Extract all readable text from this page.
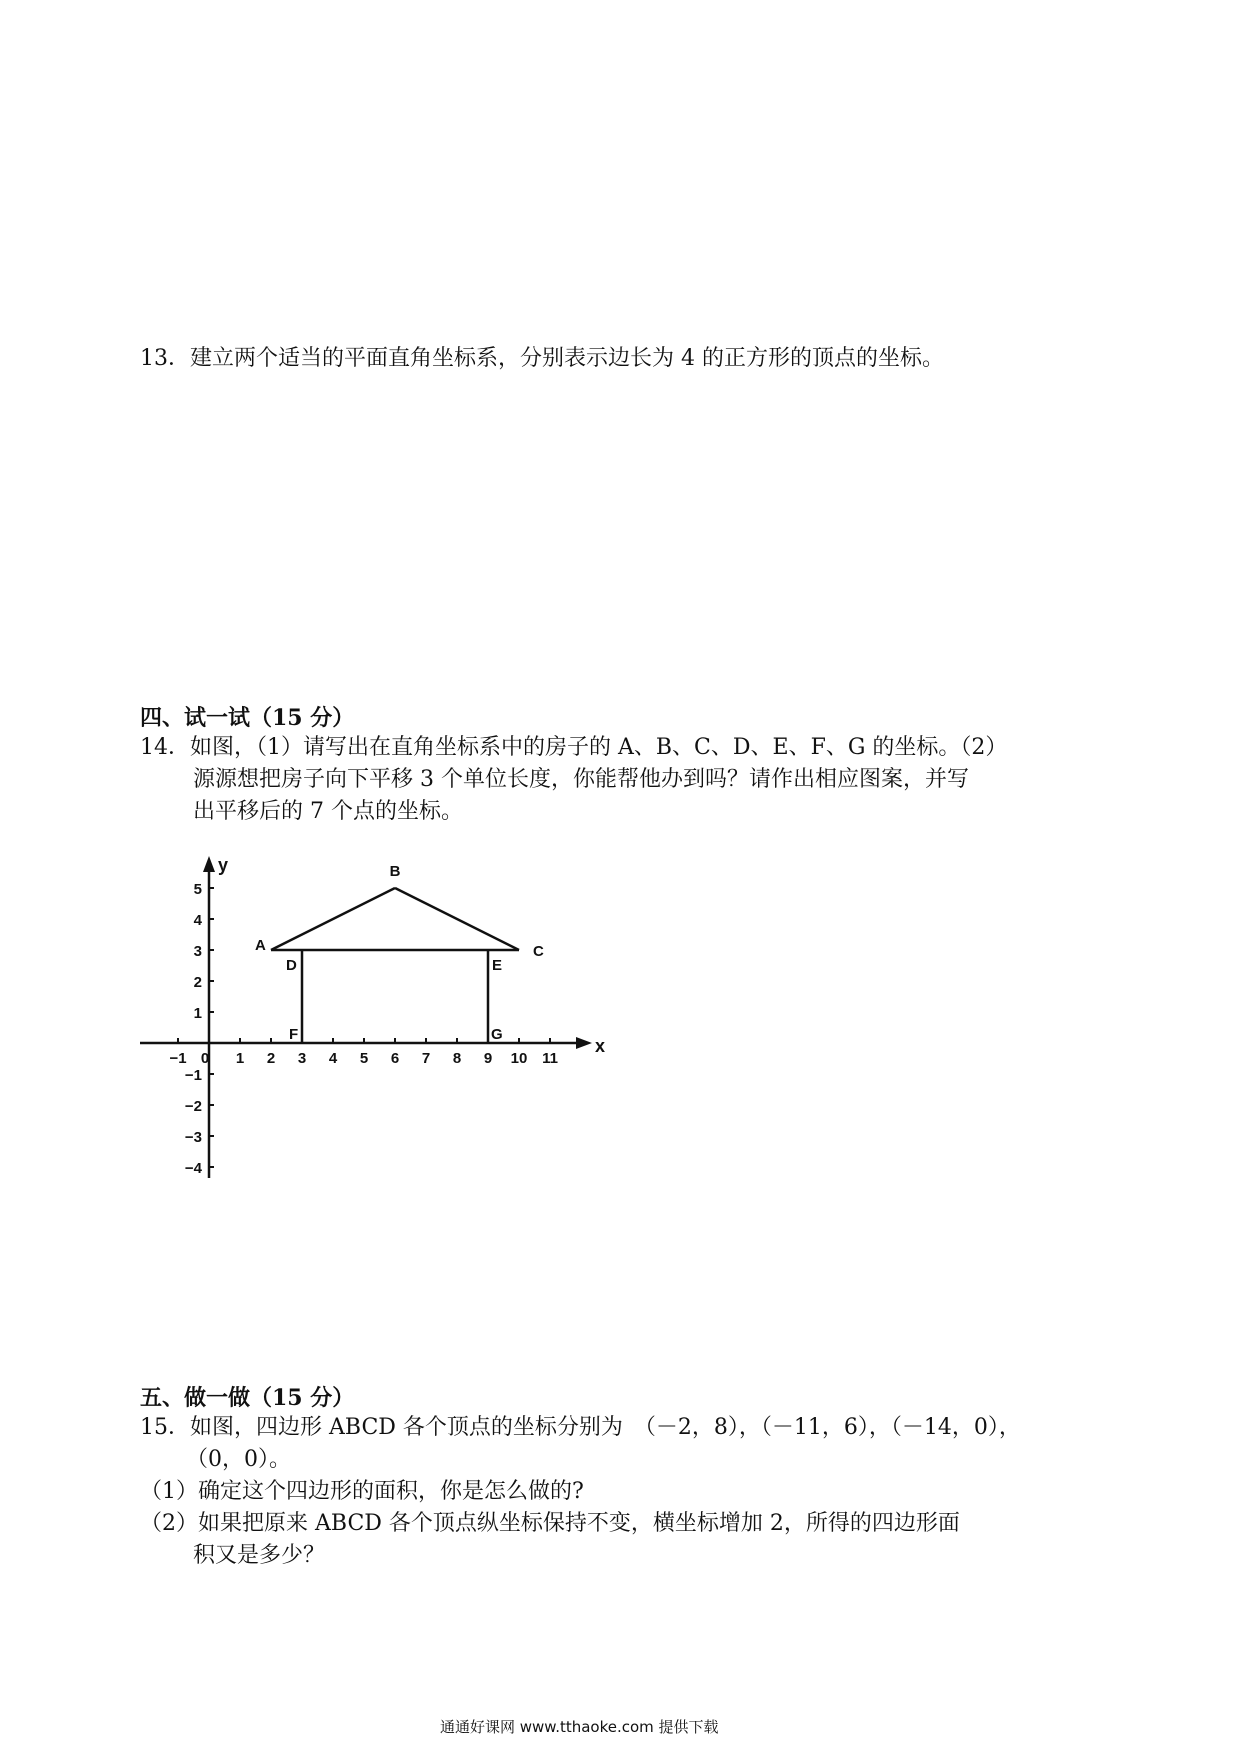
13．建立两个适当的平面直角坐标系，分别表示边长为 4 的正方形的顶点的坐标。
四、试一试（15 分）
14．如图，（1）请写出在直角坐标系中的房子的 A、B、C、D、E、F、G 的坐标。（2）
源源想把房子向下平移 3 个单位长度，你能帮他办到吗？请作出相应图案，并写
出平移后的 7 个点的坐标。
x
y
−1 0 1 2 3 4 5 6 7 8 9 10 11
5
4
3
2
1
−1
−2
−3
−4
A
B
C
D	E
F	G
五、做一做（15 分）
15．如图，四边形 ABCD 各个顶点的坐标分别为　（－2，8），（－11，6），（－14，0），
（0，0）。
（1）确定这个四边形的面积，你是怎么做的?
（2）如果把原来 ABCD 各个顶点纵坐标保持不变，横坐标增加 2，所得的四边形面
积又是多少？
通通好课网 www.tthaoke.com 提供下载
